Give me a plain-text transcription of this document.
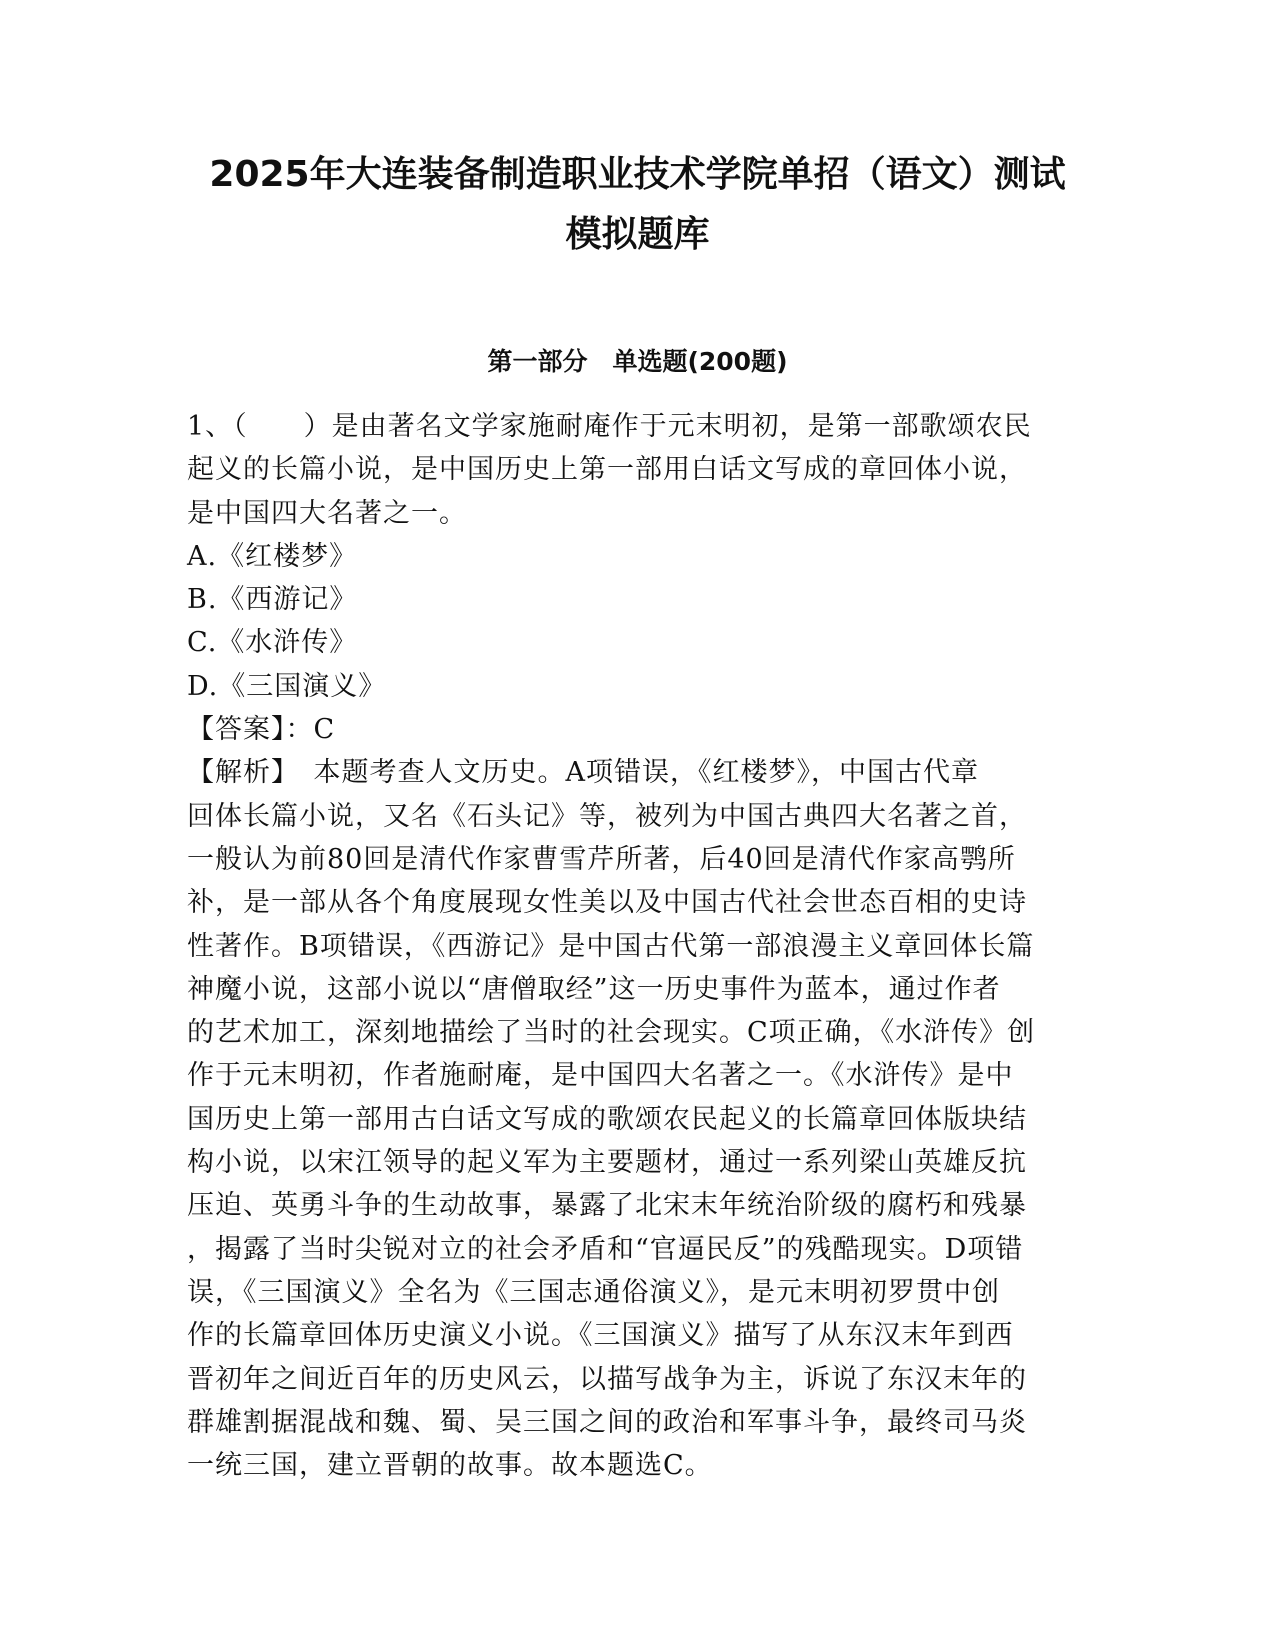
2025年大连装备制造职业技术学院单招（语文）测试
模拟题库
第一部分　单选题(200题)
1、（　　）是由著名文学家施耐庵作于元末明初，是第一部歌颂农民
起义的长篇小说，是中国历史上第一部用白话文写成的章回体小说，
是中国四大名著之一。
A.《红楼梦》
B.《西游记》
C.《水浒传》
D.《三国演义》
【答案】：C
【解析】　本题考查人文历史。A项错误，《红楼梦》，中国古代章
回体长篇小说，又名《石头记》等，被列为中国古典四大名著之首，
一般认为前80回是清代作家曹雪芹所著，后40回是清代作家高鹗所
补，是一部从各个角度展现女性美以及中国古代社会世态百相的史诗
性著作。B项错误，《西游记》是中国古代第一部浪漫主义章回体长篇
神魔小说，这部小说以“唐僧取经”这一历史事件为蓝本，通过作者
的艺术加工，深刻地描绘了当时的社会现实。C项正确，《水浒传》创
作于元末明初，作者施耐庵，是中国四大名著之一。《水浒传》是中
国历史上第一部用古白话文写成的歌颂农民起义的长篇章回体版块结
构小说，以宋江领导的起义军为主要题材，通过一系列梁山英雄反抗
压迫、英勇斗争的生动故事，暴露了北宋末年统治阶级的腐朽和残暴
，揭露了当时尖锐对立的社会矛盾和“官逼民反”的残酷现实。D项错
误，《三国演义》全名为《三国志通俗演义》，是元末明初罗贯中创
作的长篇章回体历史演义小说。《三国演义》描写了从东汉末年到西
晋初年之间近百年的历史风云，以描写战争为主，诉说了东汉末年的
群雄割据混战和魏、蜀、吴三国之间的政治和军事斗争，最终司马炎
一统三国，建立晋朝的故事。故本题选C。
